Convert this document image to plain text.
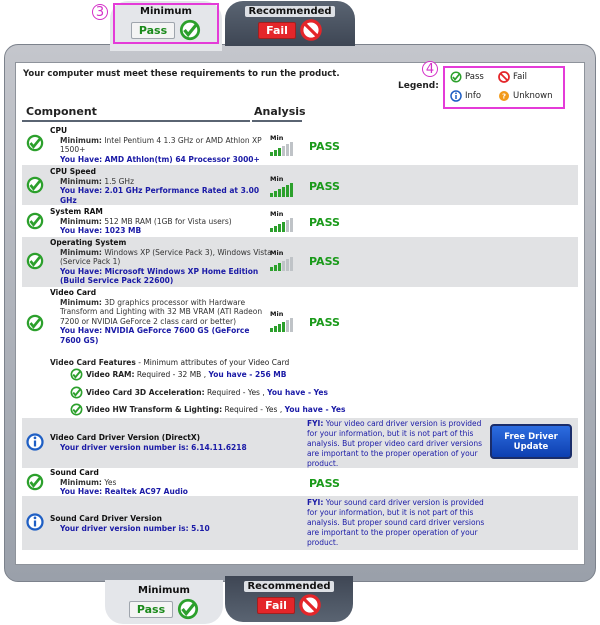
Minimum
Pass
Recommended
Fail
3
Your computer must meet these requirements to run the product.	4
Legend:
Pass	Fail
Info ? Unknown
Component	Analysis
CPU
Minimum: Intel Pentium 4 1.3 GHz or AMD Athlon XP 1500+
You Have: AMD Athlon(tm) 64 Processor 3000+
Min
PASS
CPU Speed
Minimum: 1.5 GHz
You Have: 2.01 GHz Performance Rated at 3.00 GHz
Min
PASS
System RAM
Minimum: 512 MB RAM (1GB for Vista users)
You Have: 1023 MB
Min
PASS
Operating System
Minimum: Windows XP (Service Pack 3), Windows Vista (Service Pack 1)
You Have: Microsoft Windows XP Home Edition (Build Service Pack 22600)
Min
PASS
Video Card
Minimum: 3D graphics processor with Hardware Transform and Lighting with 32 MB VRAM (ATI Radeon 7200 or NVIDIA GeForce 2 class card or better)
You Have: NVIDIA GeForce 7600 GS (GeForce 7600 GS)
Min
PASS
Video Card Features - Minimum attributes of your Video Card
Video RAM:
Required - 32 MB ,
You have - 256 MB
Video Card 3D Acceleration:
Required - Yes ,
You have - Yes
Video HW Transform & Lighting:
Required - Yes ,
You have - Yes
Video Card Driver Version (DirectX)
Your driver version number is: 6.14.11.6218
FYI: Your video card driver version is provided for your information, but it is not part of this analysis. But proper video card driver versions are important to the proper operation of your product.
Free Driver Update
Sound Card
Minimum: Yes
You Have: Realtek AC97 Audio
PASS
Sound Card Driver Version
Your driver version number is: 5.10
FYI: Your sound card driver version is provided for your information, but it is not part of this analysis. But proper sound card driver versions are important to the proper operation of your product.
Minimum
Pass
Recommended
Fail
